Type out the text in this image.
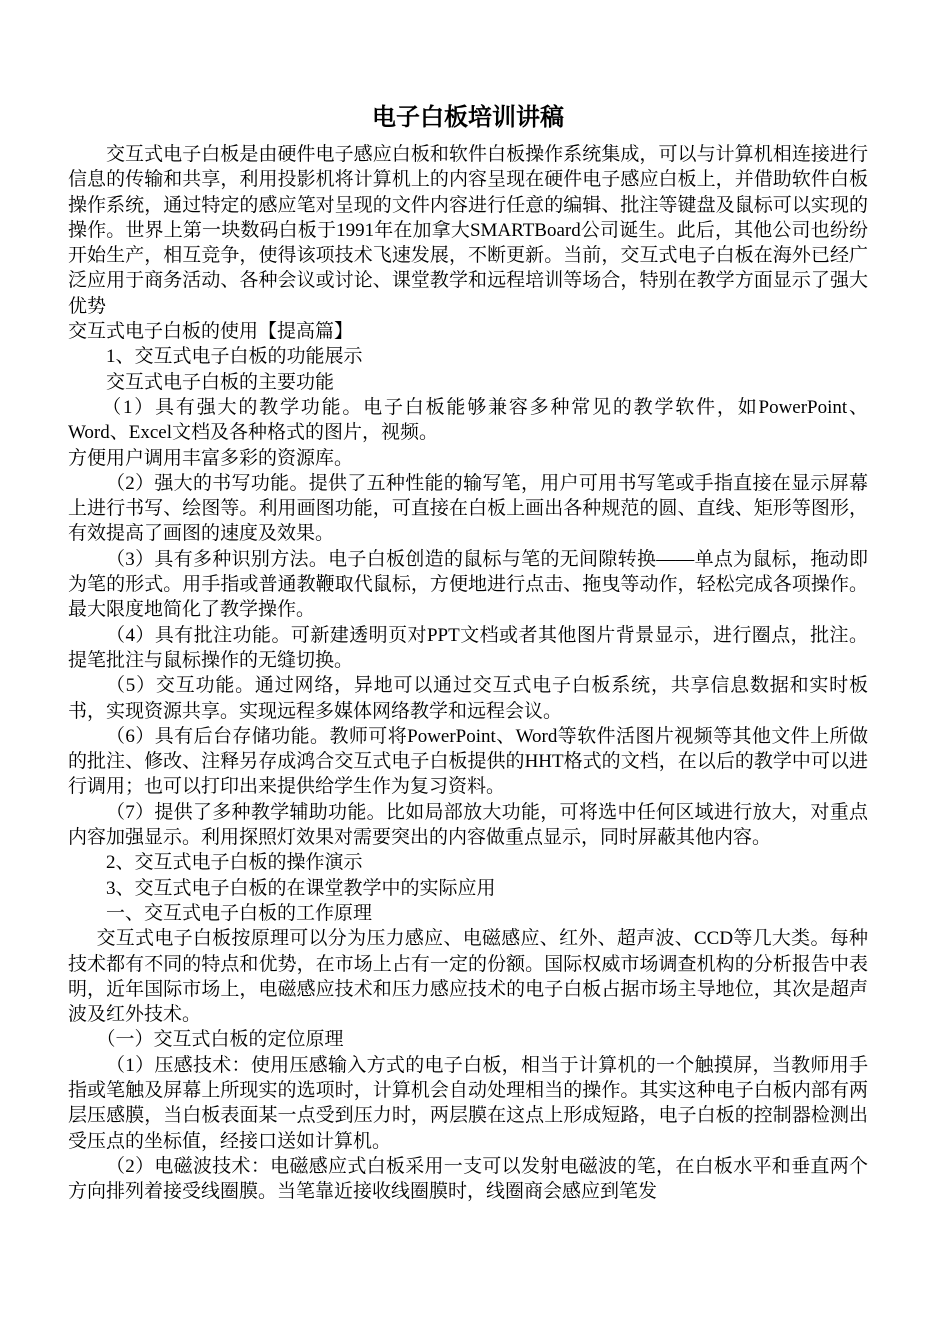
电子白板培训讲稿

交互式电子白板是由硬件电子感应白板和软件白板操作系统集成，可以与计算机相连接进行信息的传输和共享，利用投影机将计算机上的内容呈现在硬件电子感应白板上，并借助软件白板操作系统，通过特定的感应笔对呈现的文件内容进行任意的编辑、批注等键盘及鼠标可以实现的操作。世界上第一块数码白板于1991年在加拿大SMARTBoard公司诞生。此后，其他公司也纷纷开始生产，相互竞争，使得该项技术飞速发展，不断更新。当前，交互式电子白板在海外已经广泛应用于商务活动、各种会议或讨论、课堂教学和远程培训等场合，特别在教学方面显示了强大优势

交互式电子白板的使用【提高篇】

1、交互式电子白板的功能展示

交互式电子白板的主要功能

（1）具有强大的教学功能。电子白板能够兼容多种常见的教学软件，如PowerPoint、Word、Excel文档及各种格式的图片，视频。

方便用户调用丰富多彩的资源库。

（2）强大的书写功能。提供了五种性能的输写笔，用户可用书写笔或手指直接在显示屏幕上进行书写、绘图等。利用画图功能，可直接在白板上画出各种规范的圆、直线、矩形等图形，有效提高了画图的速度及效果。

（3）具有多种识别方法。电子白板创造的鼠标与笔的无间隙转换——单点为鼠标，拖动即为笔的形式。用手指或普通教鞭取代鼠标，方便地进行点击、拖曳等动作，轻松完成各项操作。最大限度地简化了教学操作。

（4）具有批注功能。可新建透明页对PPT文档或者其他图片背景显示，进行圈点，批注。提笔批注与鼠标操作的无缝切换。

（5）交互功能。通过网络，异地可以通过交互式电子白板系统，共享信息数据和实时板书，实现资源共享。实现远程多媒体网络教学和远程会议。

（6）具有后台存储功能。教师可将PowerPoint、Word等软件活图片视频等其他文件上所做的批注、修改、注释另存成鸿合交互式电子白板提供的HHT格式的文档，在以后的教学中可以进行调用；也可以打印出来提供给学生作为复习资料。

（7）提供了多种教学辅助功能。比如局部放大功能，可将选中任何区域进行放大，对重点内容加强显示。利用探照灯效果对需要突出的内容做重点显示，同时屏蔽其他内容。

2、交互式电子白板的操作演示

3、交互式电子白板的在课堂教学中的实际应用

一、交互式电子白板的工作原理

交互式电子白板按原理可以分为压力感应、电磁感应、红外、超声波、CCD等几大类。每种技术都有不同的特点和优势，在市场上占有一定的份额。国际权威市场调查机构的分析报告中表明，近年国际市场上，电磁感应技术和压力感应技术的电子白板占据市场主导地位，其次是超声波及红外技术。

（一）交互式白板的定位原理

（1）压感技术：使用压感输入方式的电子白板，相当于计算机的一个触摸屏，当教师用手指或笔触及屏幕上所现实的选项时，计算机会自动处理相当的操作。其实这种电子白板内部有两层压感膜，当白板表面某一点受到压力时，两层膜在这点上形成短路，电子白板的控制器检测出受压点的坐标值，经接口送如计算机。

（2）电磁波技术：电磁感应式白板采用一支可以发射电磁波的笔，在白板水平和垂直两个方向排列着接受线圈膜。当笔靠近接收线圈膜时，线圈商会感应到笔发
